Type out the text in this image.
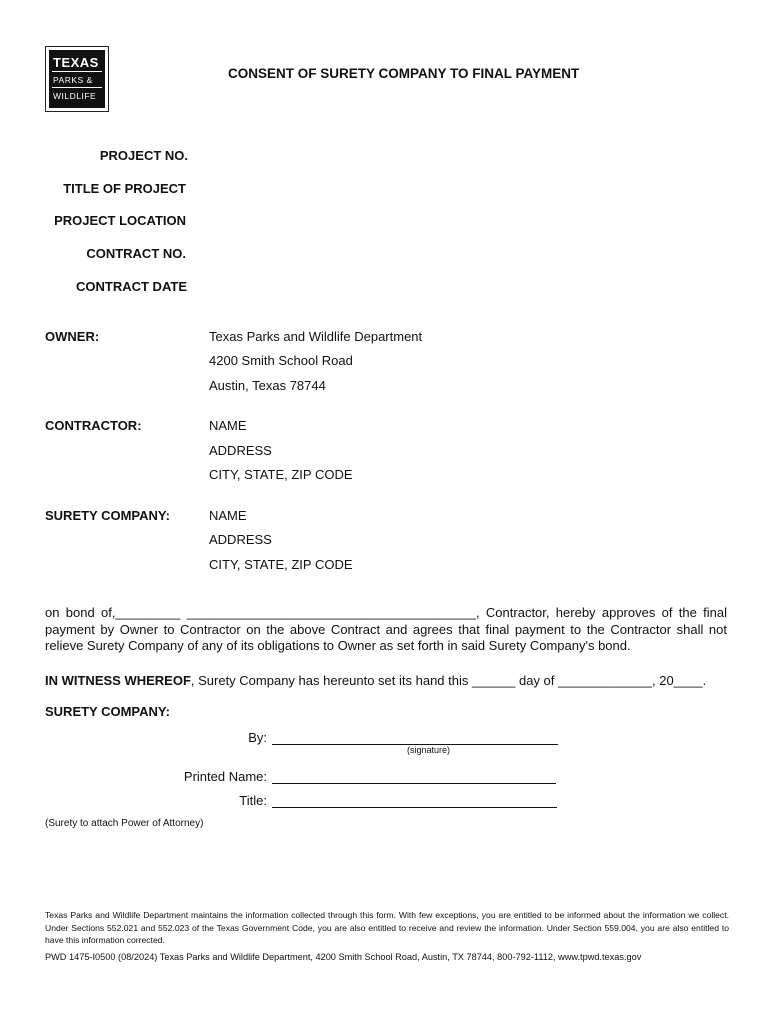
TEXAS
PARKS &
WILDLIFE
CONSENT OF SURETY COMPANY TO FINAL PAYMENT
PROJECT NO.
TITLE OF PROJECT
PROJECT LOCATION
CONTRACT NO.
CONTRACT DATE
OWNER:	Texas Parks and Wildlife Department
4200 Smith School Road
Austin, Texas 78744
CONTRACTOR:	NAME
ADDRESS
CITY, STATE, ZIP CODE
SURETY COMPANY:	NAME
ADDRESS
CITY, STATE, ZIP CODE
on bond of,_________ ________________________________________, Contractor, hereby approves of the final payment by Owner to Contractor on the above Contract and agrees that final payment to the Contractor shall not relieve Surety Company of any of its obligations to Owner as set forth in said Surety Company's bond.
IN WITNESS WHEREOF, Surety Company has hereunto set its hand this ______ day of _____________, 20____.
SURETY COMPANY:
By:
(signature)
Printed Name:
Title:
(Surety to attach Power of Attorney)
Texas Parks and Wildlife Department maintains the information collected through this form. With few exceptions, you are entitled to be informed about the information we collect. Under Sections 552.021 and 552.023 of the Texas Government Code, you are also entitled to receive and review the information. Under Section 559.004, you are also entitled to have this information corrected.
PWD 1475-I0500 (08/2024) Texas Parks and Wildlife Department, 4200 Smith School Road, Austin, TX 78744, 800-792-1112, www.tpwd.texas.gov
